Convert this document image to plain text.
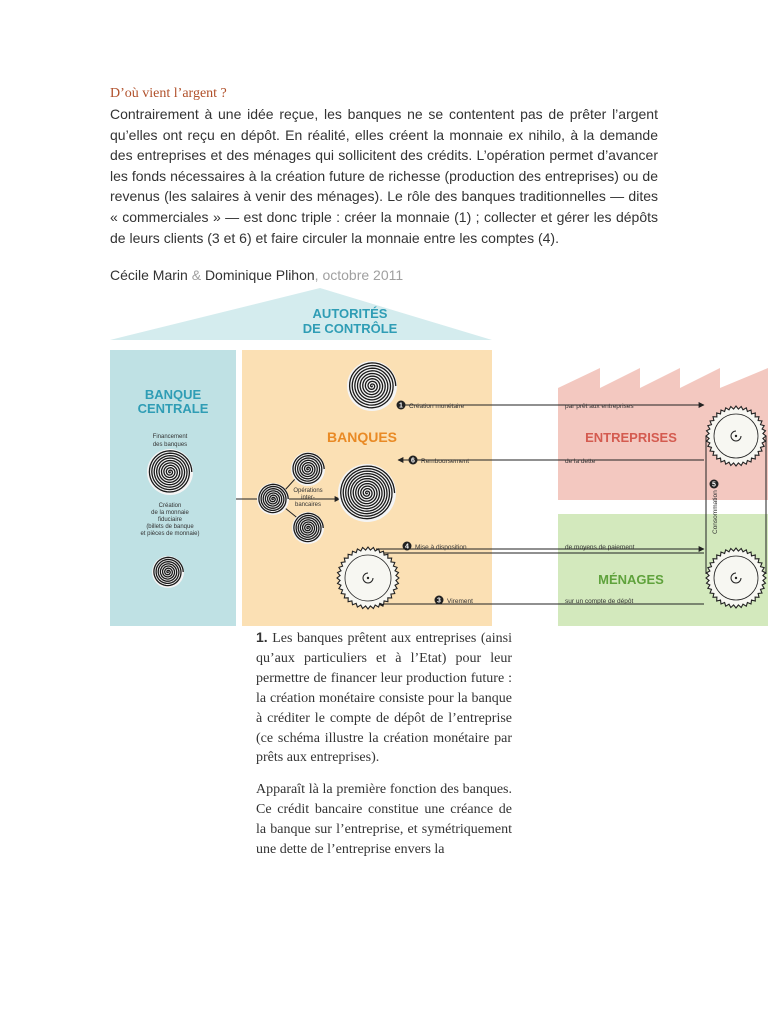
D’où vient l’argent ?

Contrairement à une idée reçue, les banques ne se contentent pas de prêter l’argent qu’elles ont reçu en dépôt. En réalité, elles créent la monnaie ex nihilo, à la demande des entreprises et des ménages qui sollicitent des crédits. L’opération permet d’avancer les fonds nécessaires à la création future de richesse (production des entreprises) ou de revenus (les salaires à venir des ménages). Le rôle des banques traditionnelles — dites « commerciales » — est donc triple : créer la monnaie (1) ; collecter et gérer les dépôts de leurs clients (3 et 6) et faire circuler la monnaie entre les comptes (4).

Cécile Marin & Dominique Plihon, octobre 2011
AUTORITÉS
DE CONTRÔLE
BANQUE
CENTRALE
BANQUES	ENTREPRISES
MÉNAGES
Financement
des banques
Création
de la monnaie
fiduciaire
(billets de banque
et pièces de monnaie)
Opérations
inter-
bancaires
1
6
4
3
5
Création monétaire	par prêt aux entreprises
Remboursement	de la dette
Mise à disposition	de moyens de paiement
Virement	sur un compte de dépôt
Consommation

1. Les banques prêtent aux entreprises (ainsi qu’aux particuliers et à l’Etat) pour leur permettre de financer leur production future : la création monétaire consiste pour la banque à créditer le compte de dépôt de l’entreprise (ce schéma illustre la création monétaire par prêts aux entreprises).

Apparaît là la première fonction des banques. Ce crédit bancaire constitue une créance de la banque sur l’entreprise, et symétriquement une dette de l’entreprise envers la
